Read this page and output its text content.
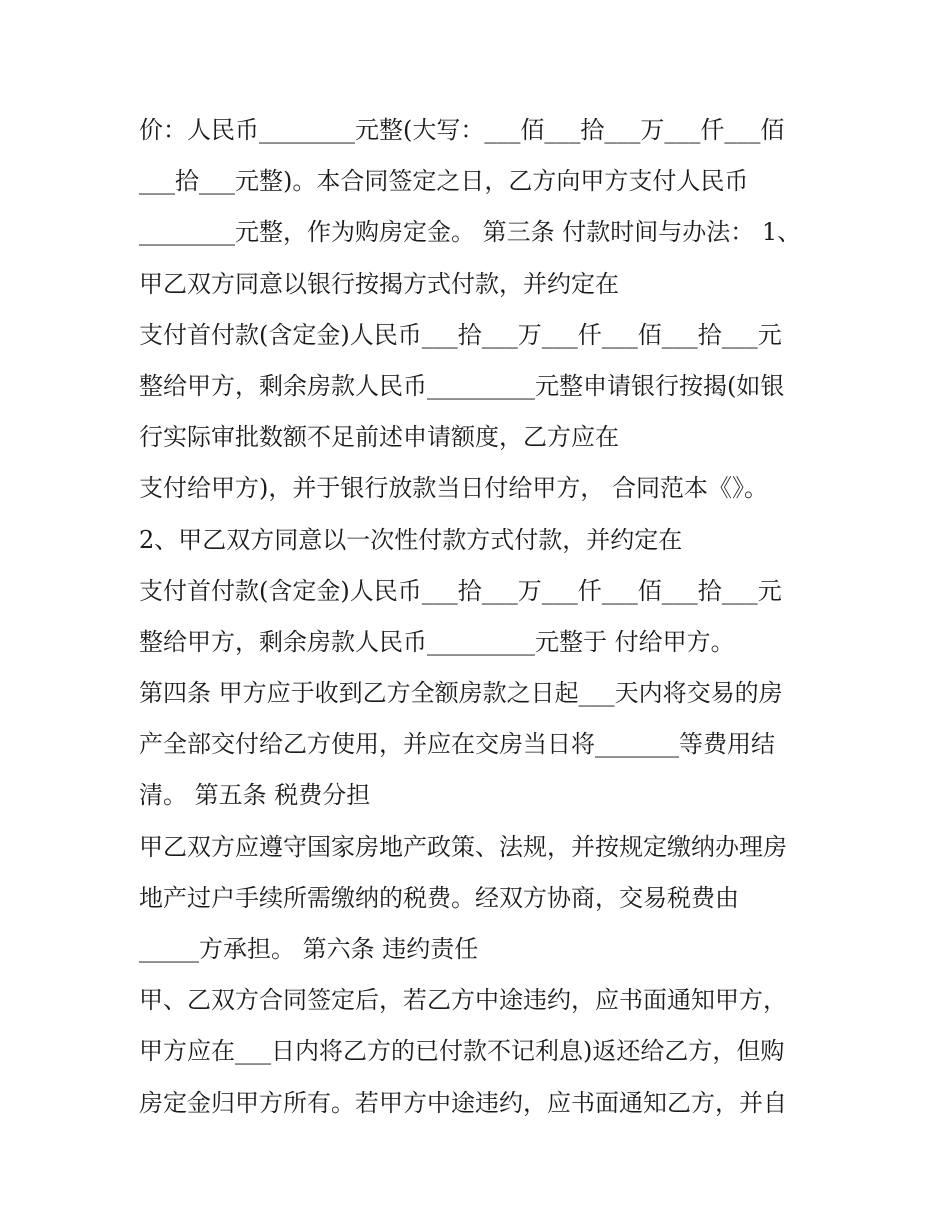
价：人民币________元整(大写：___佰___拾___万___仟___佰
___拾___元整)。本合同签定之日，乙方向甲方支付人民币
________元整，作为购房定金。 第三条 付款时间与办法： 1、
甲乙双方同意以银行按揭方式付款，并约定在
支付首付款(含定金)人民币___拾___万___仟___佰___拾___元
整给甲方，剩余房款人民币_________元整申请银行按揭(如银
行实际审批数额不足前述申请额度，乙方应在
支付给甲方)，并于银行放款当日付给甲方， 合同范本《》。
2、甲乙双方同意以一次性付款方式付款，并约定在
支付首付款(含定金)人民币___拾___万___仟___佰___拾___元
整给甲方，剩余房款人民币_________元整于 付给甲方。
第四条 甲方应于收到乙方全额房款之日起___天内将交易的房
产全部交付给乙方使用，并应在交房当日将_______等费用结
清。 第五条 税费分担
甲乙双方应遵守国家房地产政策、法规，并按规定缴纳办理房
地产过户手续所需缴纳的税费。经双方协商，交易税费由
_____方承担。 第六条 违约责任
甲、乙双方合同签定后，若乙方中途违约，应书面通知甲方，
甲方应在___日内将乙方的已付款不记利息)返还给乙方，但购
房定金归甲方所有。若甲方中途违约，应书面通知乙方，并自
